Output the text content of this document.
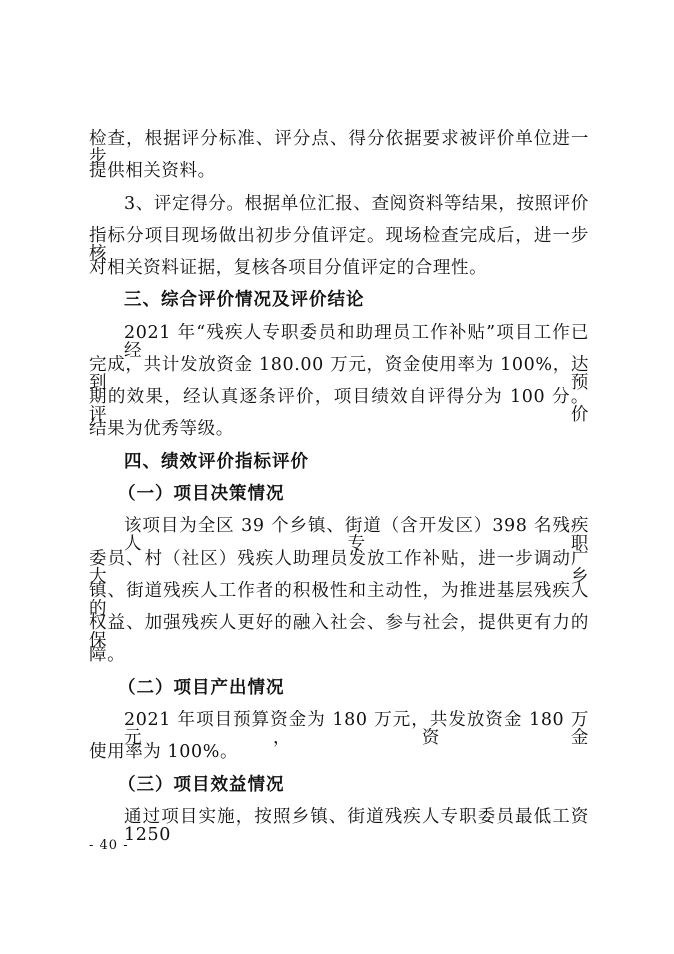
检查，根据评分标准、评分点、得分依据要求被评价单位进一步
提供相关资料。
3、评定得分。根据单位汇报、查阅资料等结果，按照评价
指标分项目现场做出初步分值评定。现场检查完成后，进一步核
对相关资料证据，复核各项目分值评定的合理性。
三、综合评价情况及评价结论
2021 年“残疾人专职委员和助理员工作补贴”项目工作已经
完成，共计发放资金 180.00 万元，资金使用率为 100%，达到预
期的效果，经认真逐条评价，项目绩效自评得分为 100 分。评价
结果为优秀等级。
四、绩效评价指标评价
（一）项目决策情况
该项目为全区 39 个乡镇、街道（含开发区）398 名残疾人专职
委员、村（社区）残疾人助理员发放工作补贴，进一步调动广大乡
镇、街道残疾人工作者的积极性和主动性，为推进基层残疾人的
权益、加强残疾人更好的融入社会、参与社会，提供更有力的保
障。
（二）项目产出情况
2021 年项目预算资金为 180 万元，共发放资金 180 万元，资金
使用率为 100%。
（三）项目效益情况
通过项目实施，按照乡镇、街道残疾人专职委员最低工资 1250
- 40 -
